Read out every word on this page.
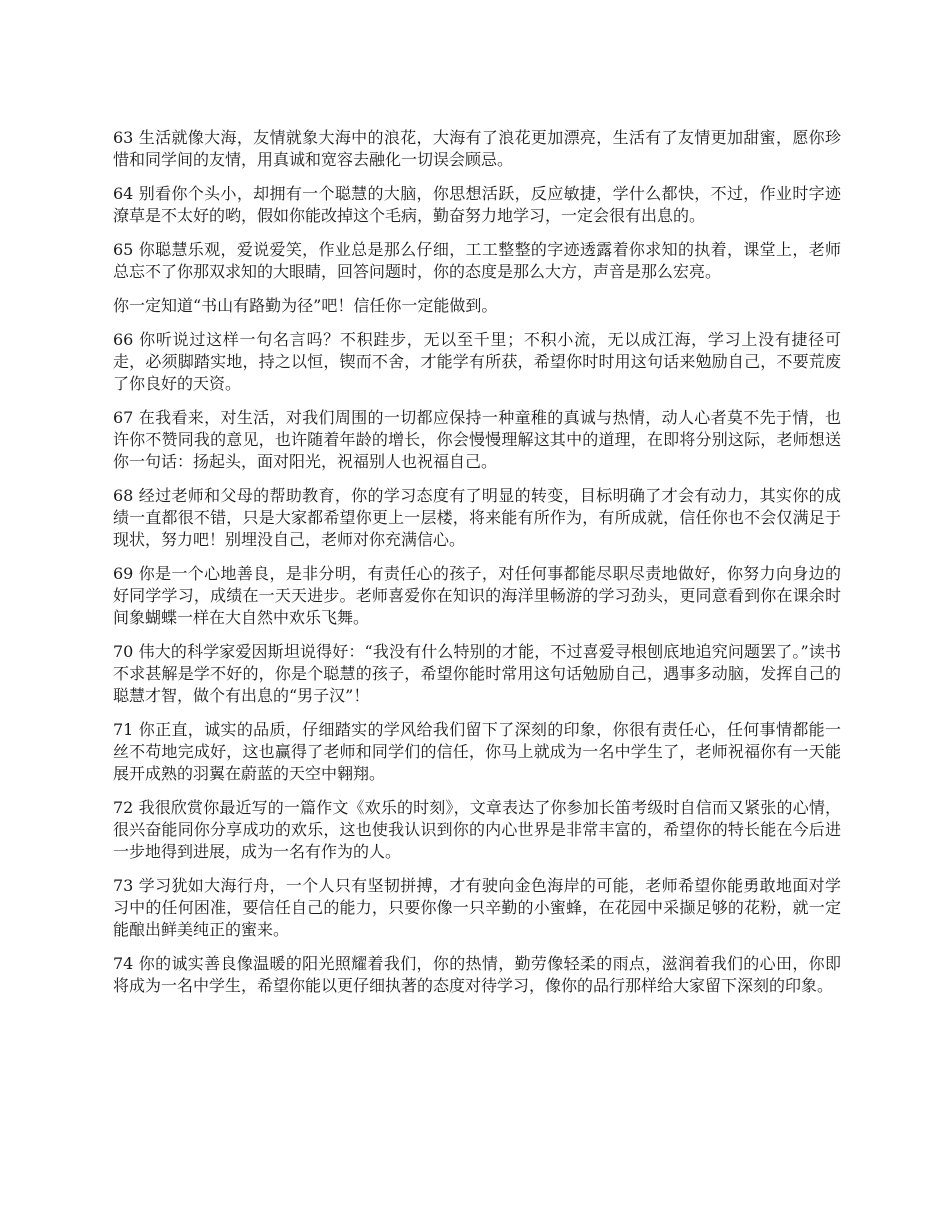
63 生活就像大海，友情就象大海中的浪花，大海有了浪花更加漂亮，生活有了友情更加甜蜜，愿你珍惜和同学间的友情，用真诚和宽容去融化一切误会顾忌。

64 别看你个头小，却拥有一个聪慧的大脑，你思想活跃，反应敏捷，学什么都快，不过，作业时字迹潦草是不太好的哟，假如你能改掉这个毛病，勤奋努力地学习，一定会很有出息的。

65 你聪慧乐观，爱说爱笑，作业总是那么仔细，工工整整的字迹透露着你求知的执着，课堂上，老师总忘不了你那双求知的大眼睛，回答问题时，你的态度是那么大方，声音是那么宏亮。

你一定知道“书山有路勤为径”吧！信任你一定能做到。

66 你听说过这样一句名言吗？不积跬步，无以至千里；不积小流，无以成江海，学习上没有捷径可走，必须脚踏实地，持之以恒，锲而不舍，才能学有所获，希望你时时用这句话来勉励自己，不要荒废了你良好的天资。

67 在我看来，对生活，对我们周围的一切都应保持一种童稚的真诚与热情，动人心者莫不先于情，也许你不赞同我的意见，也许随着年龄的增长，你会慢慢理解这其中的道理，在即将分别这际，老师想送你一句话：扬起头，面对阳光，祝福别人也祝福自己。

68 经过老师和父母的帮助教育，你的学习态度有了明显的转变，目标明确了才会有动力，其实你的成绩一直都很不错，只是大家都希望你更上一层楼，将来能有所作为，有所成就，信任你也不会仅满足于现状，努力吧！别埋没自己，老师对你充满信心。

69 你是一个心地善良，是非分明，有责任心的孩子，对任何事都能尽职尽责地做好，你努力向身边的好同学学习，成绩在一天天进步。老师喜爱你在知识的海洋里畅游的学习劲头，更同意看到你在课余时间象蝴蝶一样在大自然中欢乐飞舞。

70 伟大的科学家爱因斯坦说得好：“我没有什么特别的才能，不过喜爱寻根刨底地追究问题罢了。”读书不求甚解是学不好的，你是个聪慧的孩子，希望你能时常用这句话勉励自己，遇事多动脑，发挥自己的聪慧才智，做个有出息的“男子汉”！

71 你正直，诚实的品质，仔细踏实的学风给我们留下了深刻的印象，你很有责任心，任何事情都能一丝不苟地完成好，这也赢得了老师和同学们的信任，你马上就成为一名中学生了，老师祝福你有一天能展开成熟的羽翼在蔚蓝的天空中翱翔。

72 我很欣赏你最近写的一篇作文《欢乐的时刻》，文章表达了你参加长笛考级时自信而又紧张的心情，很兴奋能同你分享成功的欢乐，这也使我认识到你的内心世界是非常丰富的，希望你的特长能在今后进一步地得到进展，成为一名有作为的人。

73 学习犹如大海行舟，一个人只有坚韧拼搏，才有驶向金色海岸的可能，老师希望你能勇敢地面对学习中的任何困准，要信任自己的能力，只要你像一只辛勤的小蜜蜂，在花园中采撷足够的花粉，就一定能酿出鲜美纯正的蜜来。

74 你的诚实善良像温暖的阳光照耀着我们，你的热情，勤劳像轻柔的雨点，滋润着我们的心田，你即将成为一名中学生，希望你能以更仔细执著的态度对待学习，像你的品行那样给大家留下深刻的印象。
